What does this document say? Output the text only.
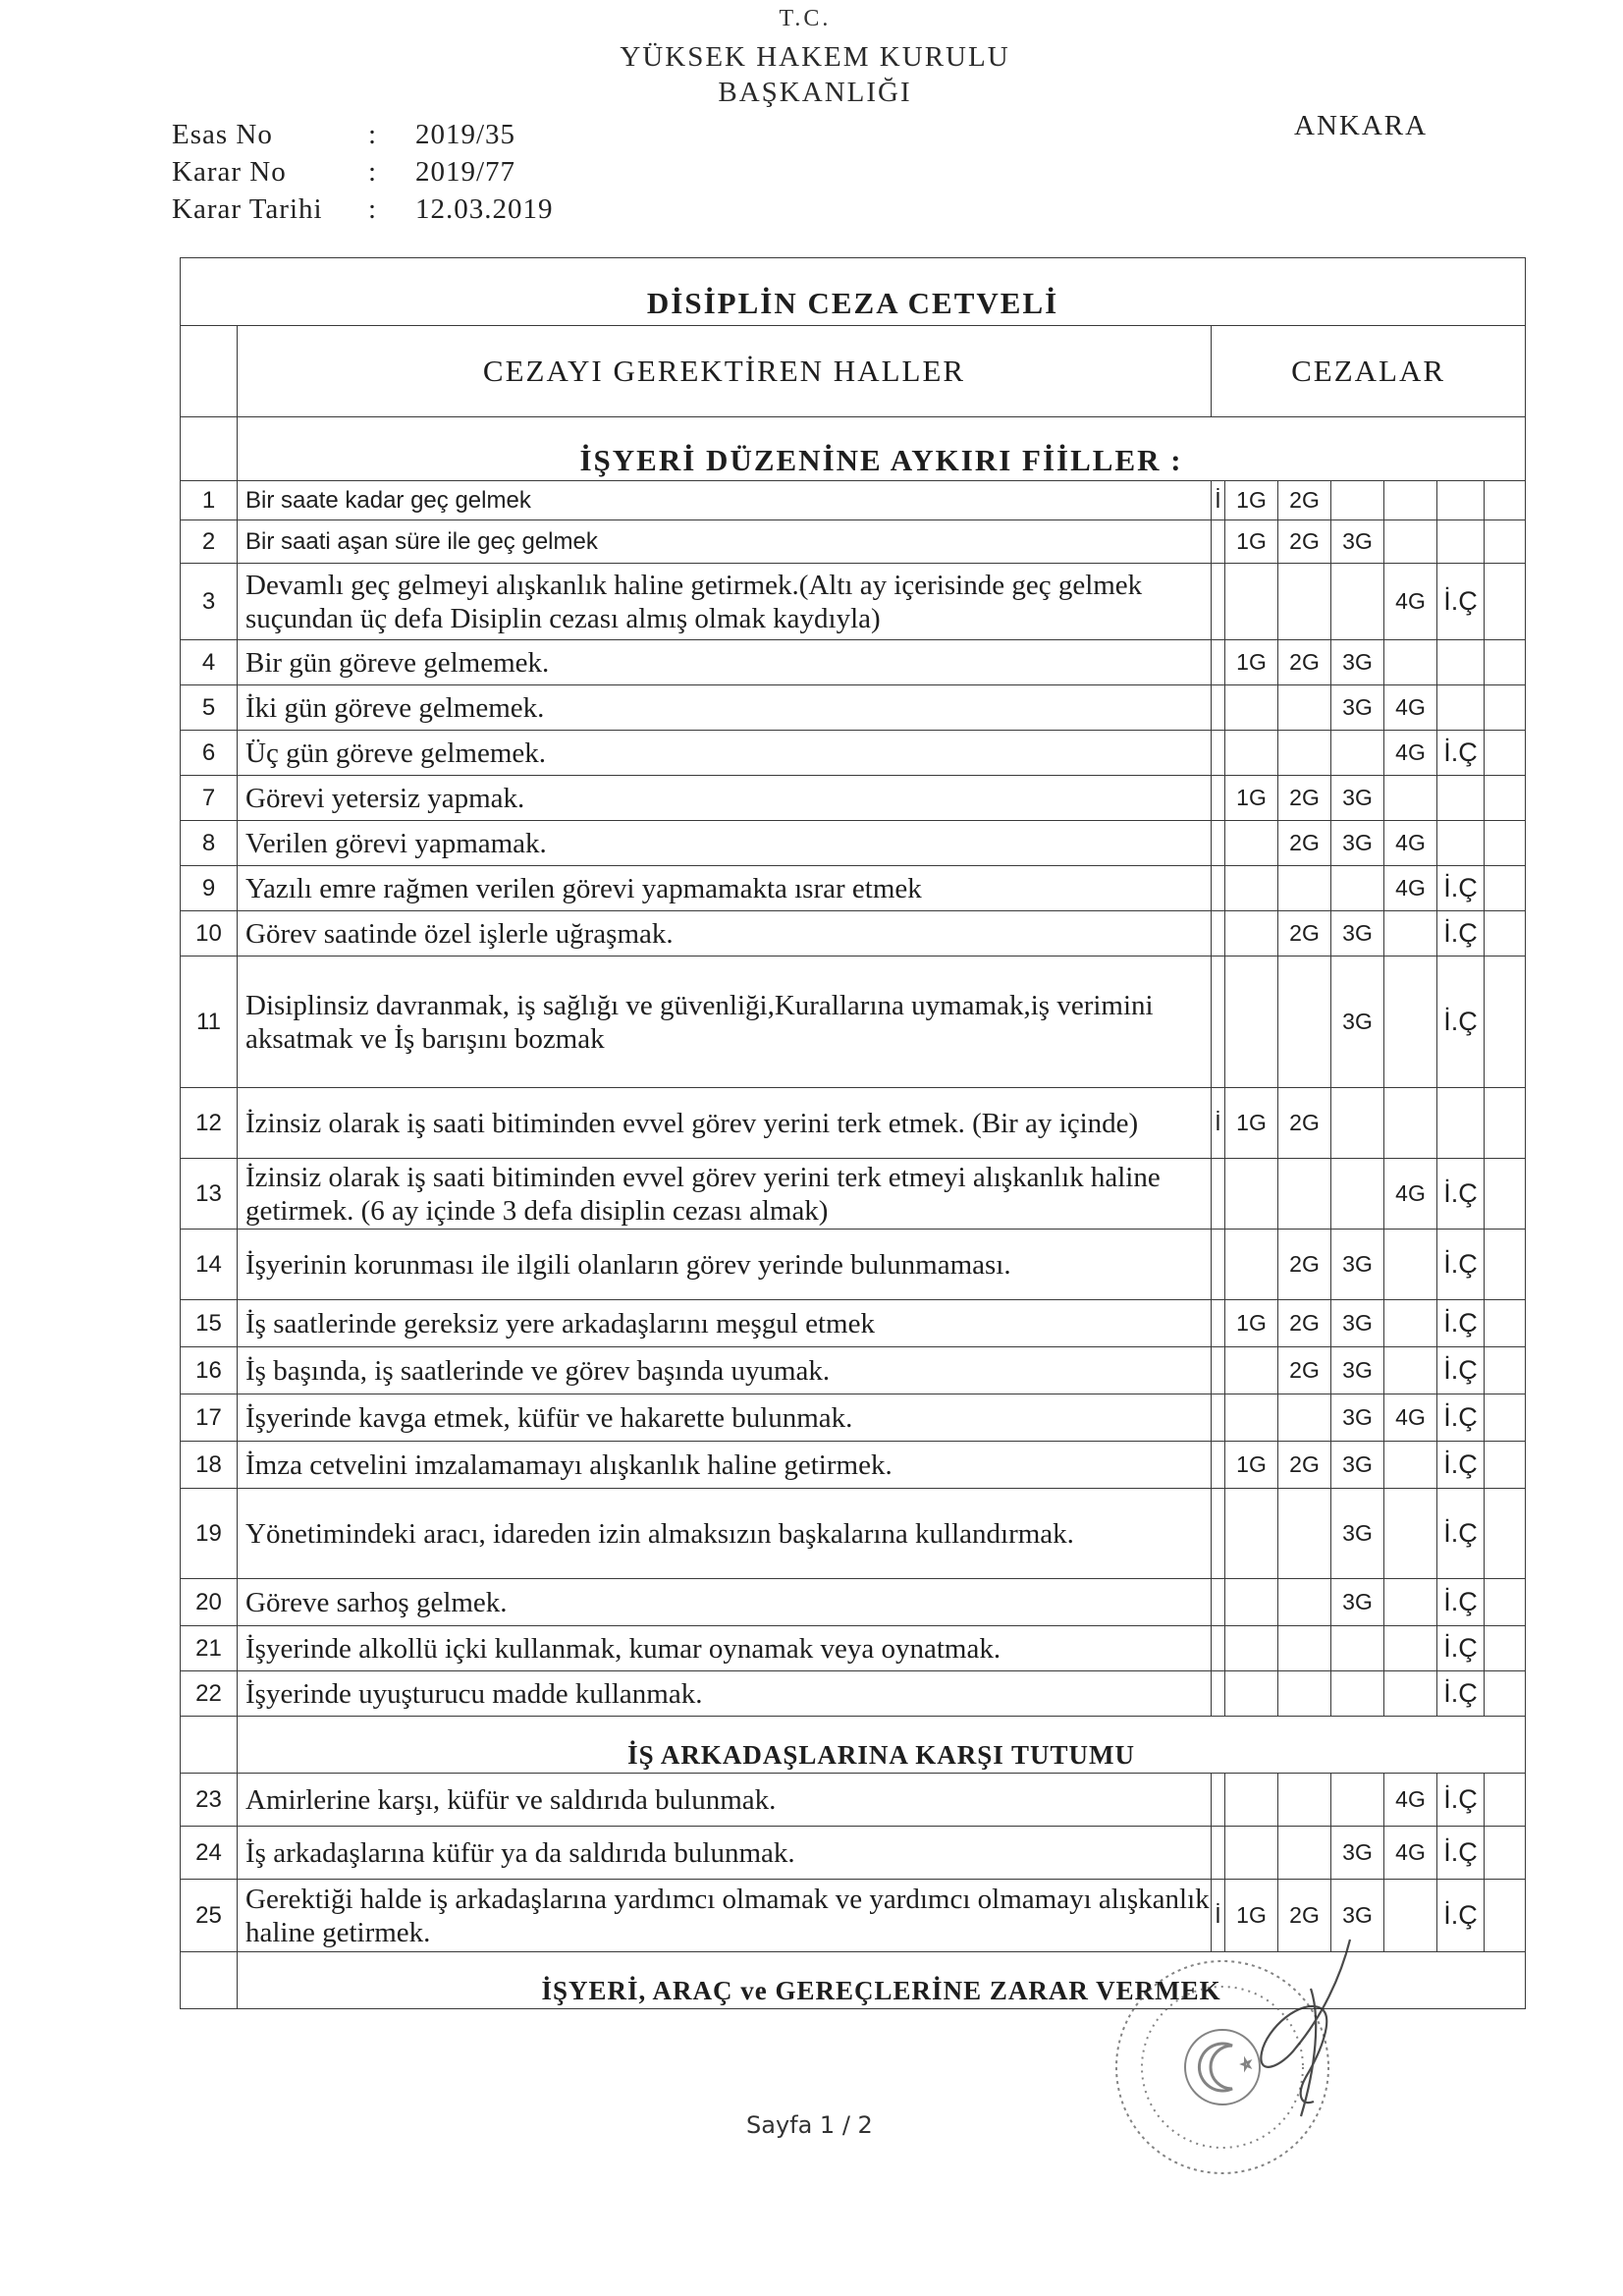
T.C.
YÜKSEK HAKEM KURULU
BAŞKANLIĞI
Esas No	:	2019/35
Karar No	:	2019/77
Karar Tarihi	:	12.03.2019
ANKARA
DİSİPLİN CEZA CETVELİ								
	CEZAYI GEREKTİREN HALLER	CEZALAR						
	İŞYERİ DÜZENİNE AYKIRI FİİLLER :							
1	Bir saate kadar geç gelmek	İ	1G	2G				
2	Bir saati aşan süre ile geç gelmek		1G	2G	3G			
3	Devamlı geç gelmeyi alışkanlık haline getirmek.(Altı ay içerisinde geç gelmek suçundan üç defa Disiplin cezası almış olmak kaydıyla)					4G	İ.Ç	
4	Bir gün göreve gelmemek.		1G	2G	3G			
5	İki gün göreve gelmemek.				3G	4G		
6	Üç gün göreve gelmemek.					4G	İ.Ç	
7	Görevi yetersiz yapmak.		1G	2G	3G			
8	Verilen görevi yapmamak.			2G	3G	4G		
9	Yazılı emre rağmen verilen görevi yapmamakta ısrar etmek					4G	İ.Ç	
10	Görev saatinde özel işlerle uğraşmak.			2G	3G		İ.Ç	
11	Disiplinsiz davranmak, iş sağlığı ve güvenliği,Kurallarına uymamak,iş verimini aksatmak ve İş barışını bozmak				3G		İ.Ç	
12	İzinsiz olarak iş saati bitiminden evvel görev yerini terk etmek. (Bir ay içinde)	İ	1G	2G				
13	İzinsiz olarak iş saati bitiminden evvel görev yerini terk etmeyi alışkanlık haline getirmek. (6 ay içinde 3 defa disiplin cezası almak)					4G	İ.Ç	
14	İşyerinin korunması ile ilgili olanların görev yerinde bulunmaması.			2G	3G		İ.Ç	
15	İş saatlerinde gereksiz yere arkadaşlarını meşgul etmek		1G	2G	3G		İ.Ç	
16	İş başında, iş saatlerinde ve görev başında uyumak.			2G	3G		İ.Ç	
17	İşyerinde kavga etmek, küfür ve hakarette bulunmak.				3G	4G	İ.Ç	
18	İmza cetvelini imzalamamayı alışkanlık haline getirmek.		1G	2G	3G		İ.Ç	
19	Yönetimindeki aracı, idareden izin almaksızın başkalarına kullandırmak.				3G		İ.Ç	
20	Göreve sarhoş gelmek.				3G		İ.Ç	
21	İşyerinde alkollü içki kullanmak, kumar oynamak veya oynatmak.						İ.Ç	
22	İşyerinde uyuşturucu madde kullanmak.						İ.Ç	
	İŞ ARKADAŞLARINA KARŞI TUTUMU							
23	Amirlerine karşı, küfür ve saldırıda bulunmak.					4G	İ.Ç	
24	İş arkadaşlarına küfür ya da saldırıda bulunmak.				3G	4G	İ.Ç	
25	Gerektiği halde iş arkadaşlarına yardımcı olmamak ve yardımcı olmamayı alışkanlık haline getirmek.	İ	1G	2G	3G		İ.Ç	
	İŞYERİ, ARAÇ ve GEREÇLERİNE ZARAR VERMEK							
Sayfa 1 / 2
